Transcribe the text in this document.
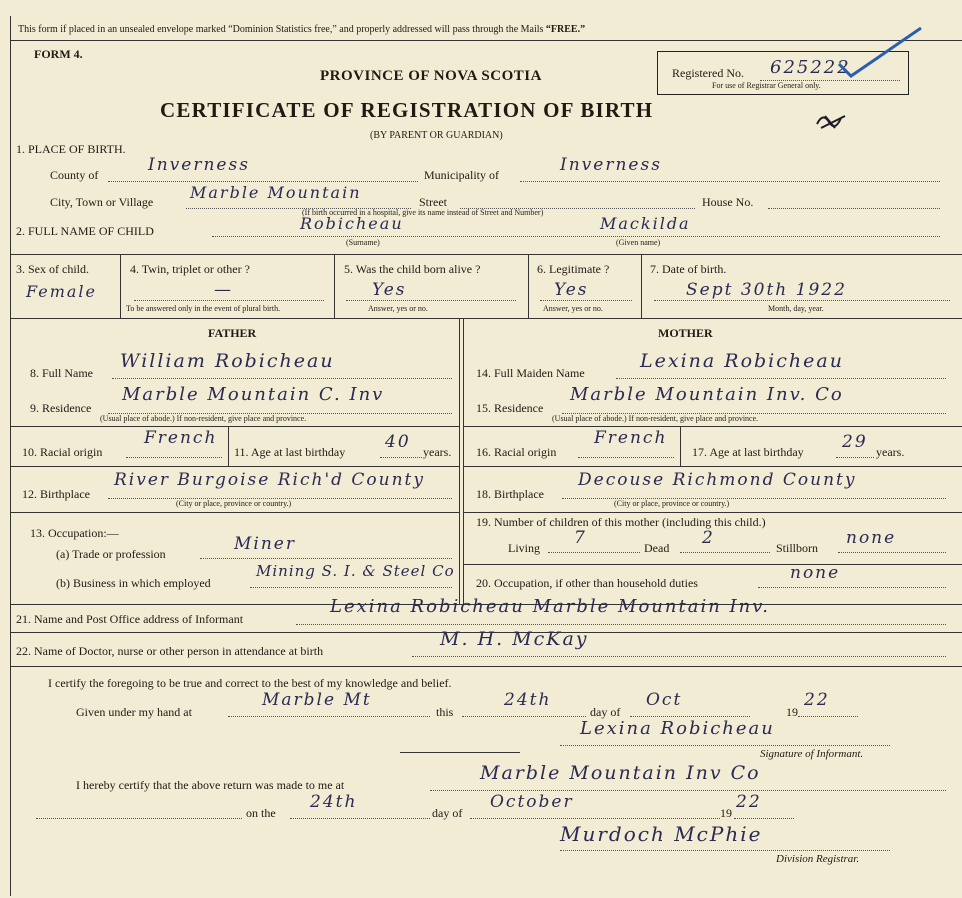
This form if placed in an unsealed envelope marked “Dominion Statistics free,” and properly addressed will pass through the Mails “FREE.”
FORM 4.
PROVINCE OF NOVA SCOTIA
CERTIFICATE OF REGISTRATION OF BIRTH
(BY PARENT OR GUARDIAN)
Registered No. 625222
For use of Registrar General only.
1. PLACE OF BIRTH.
County of	Inverness	Municipality of	Inverness
City, Town or Village Marble Mountain	Street	House No.
(If birth occurred in a hospital, give its name instead of Street and Number)
2. FULL NAME OF CHILD	Robicheau	Mackilda
(Surname)	(Given name)
3. Sex of child.
Female
4. Twin, triplet or other ?
—
To be answered only in the event of plural birth.
5. Was the child born alive ?
Yes
Answer, yes or no.
6. Legitimate ?
Yes
Answer, yes or no.
7. Date of birth.
Sept 30th 1922
Month, day, year.
FATHER	MOTHER
8. Full Name
William Robicheau
9. Residence
Marble Mountain C. Inv
(Usual place of abode.) If non-resident, give place and province.
10. Racial origin
French
11. Age at last birthday 40 years.
12. Birthplace
River Burgoise Rich'd County
(City or place, province or country.)
13. Occupation:—
(a) Trade or profession	Miner
(b) Business in which employed
Mining S. I. & Steel Co
14. Full Maiden Name
Lexina Robicheau
15. Residence
Marble Mountain Inv. Co
(Usual place of abode.) If non-resident, give place and province.
16. Racial origin
French
17. Age at last birthday 29 years.
18. Birthplace
Decouse Richmond County
(City or place, province or country.)
19. Number of children of this mother (including this child.)
Living 7	Dead 2	Stillborn none
20. Occupation, if other than household duties	none
21. Name and Post Office address of Informant
Lexina Robicheau Marble Mountain Inv.
22. Name of Doctor, nurse or other person in attendance at birth
M. H. McKay
I certify the foregoing to be true and correct to the best of my knowledge and belief.
Given under my hand at
Marble Mt
this
24th
day of
Oct
19
22
Lexina Robicheau
Signature of Informant.
I hereby certify that the above return was made to me at
Marble Mountain Inv Co
on the
24th
day of
October
19
22
Murdoch McPhie
Division Registrar.
